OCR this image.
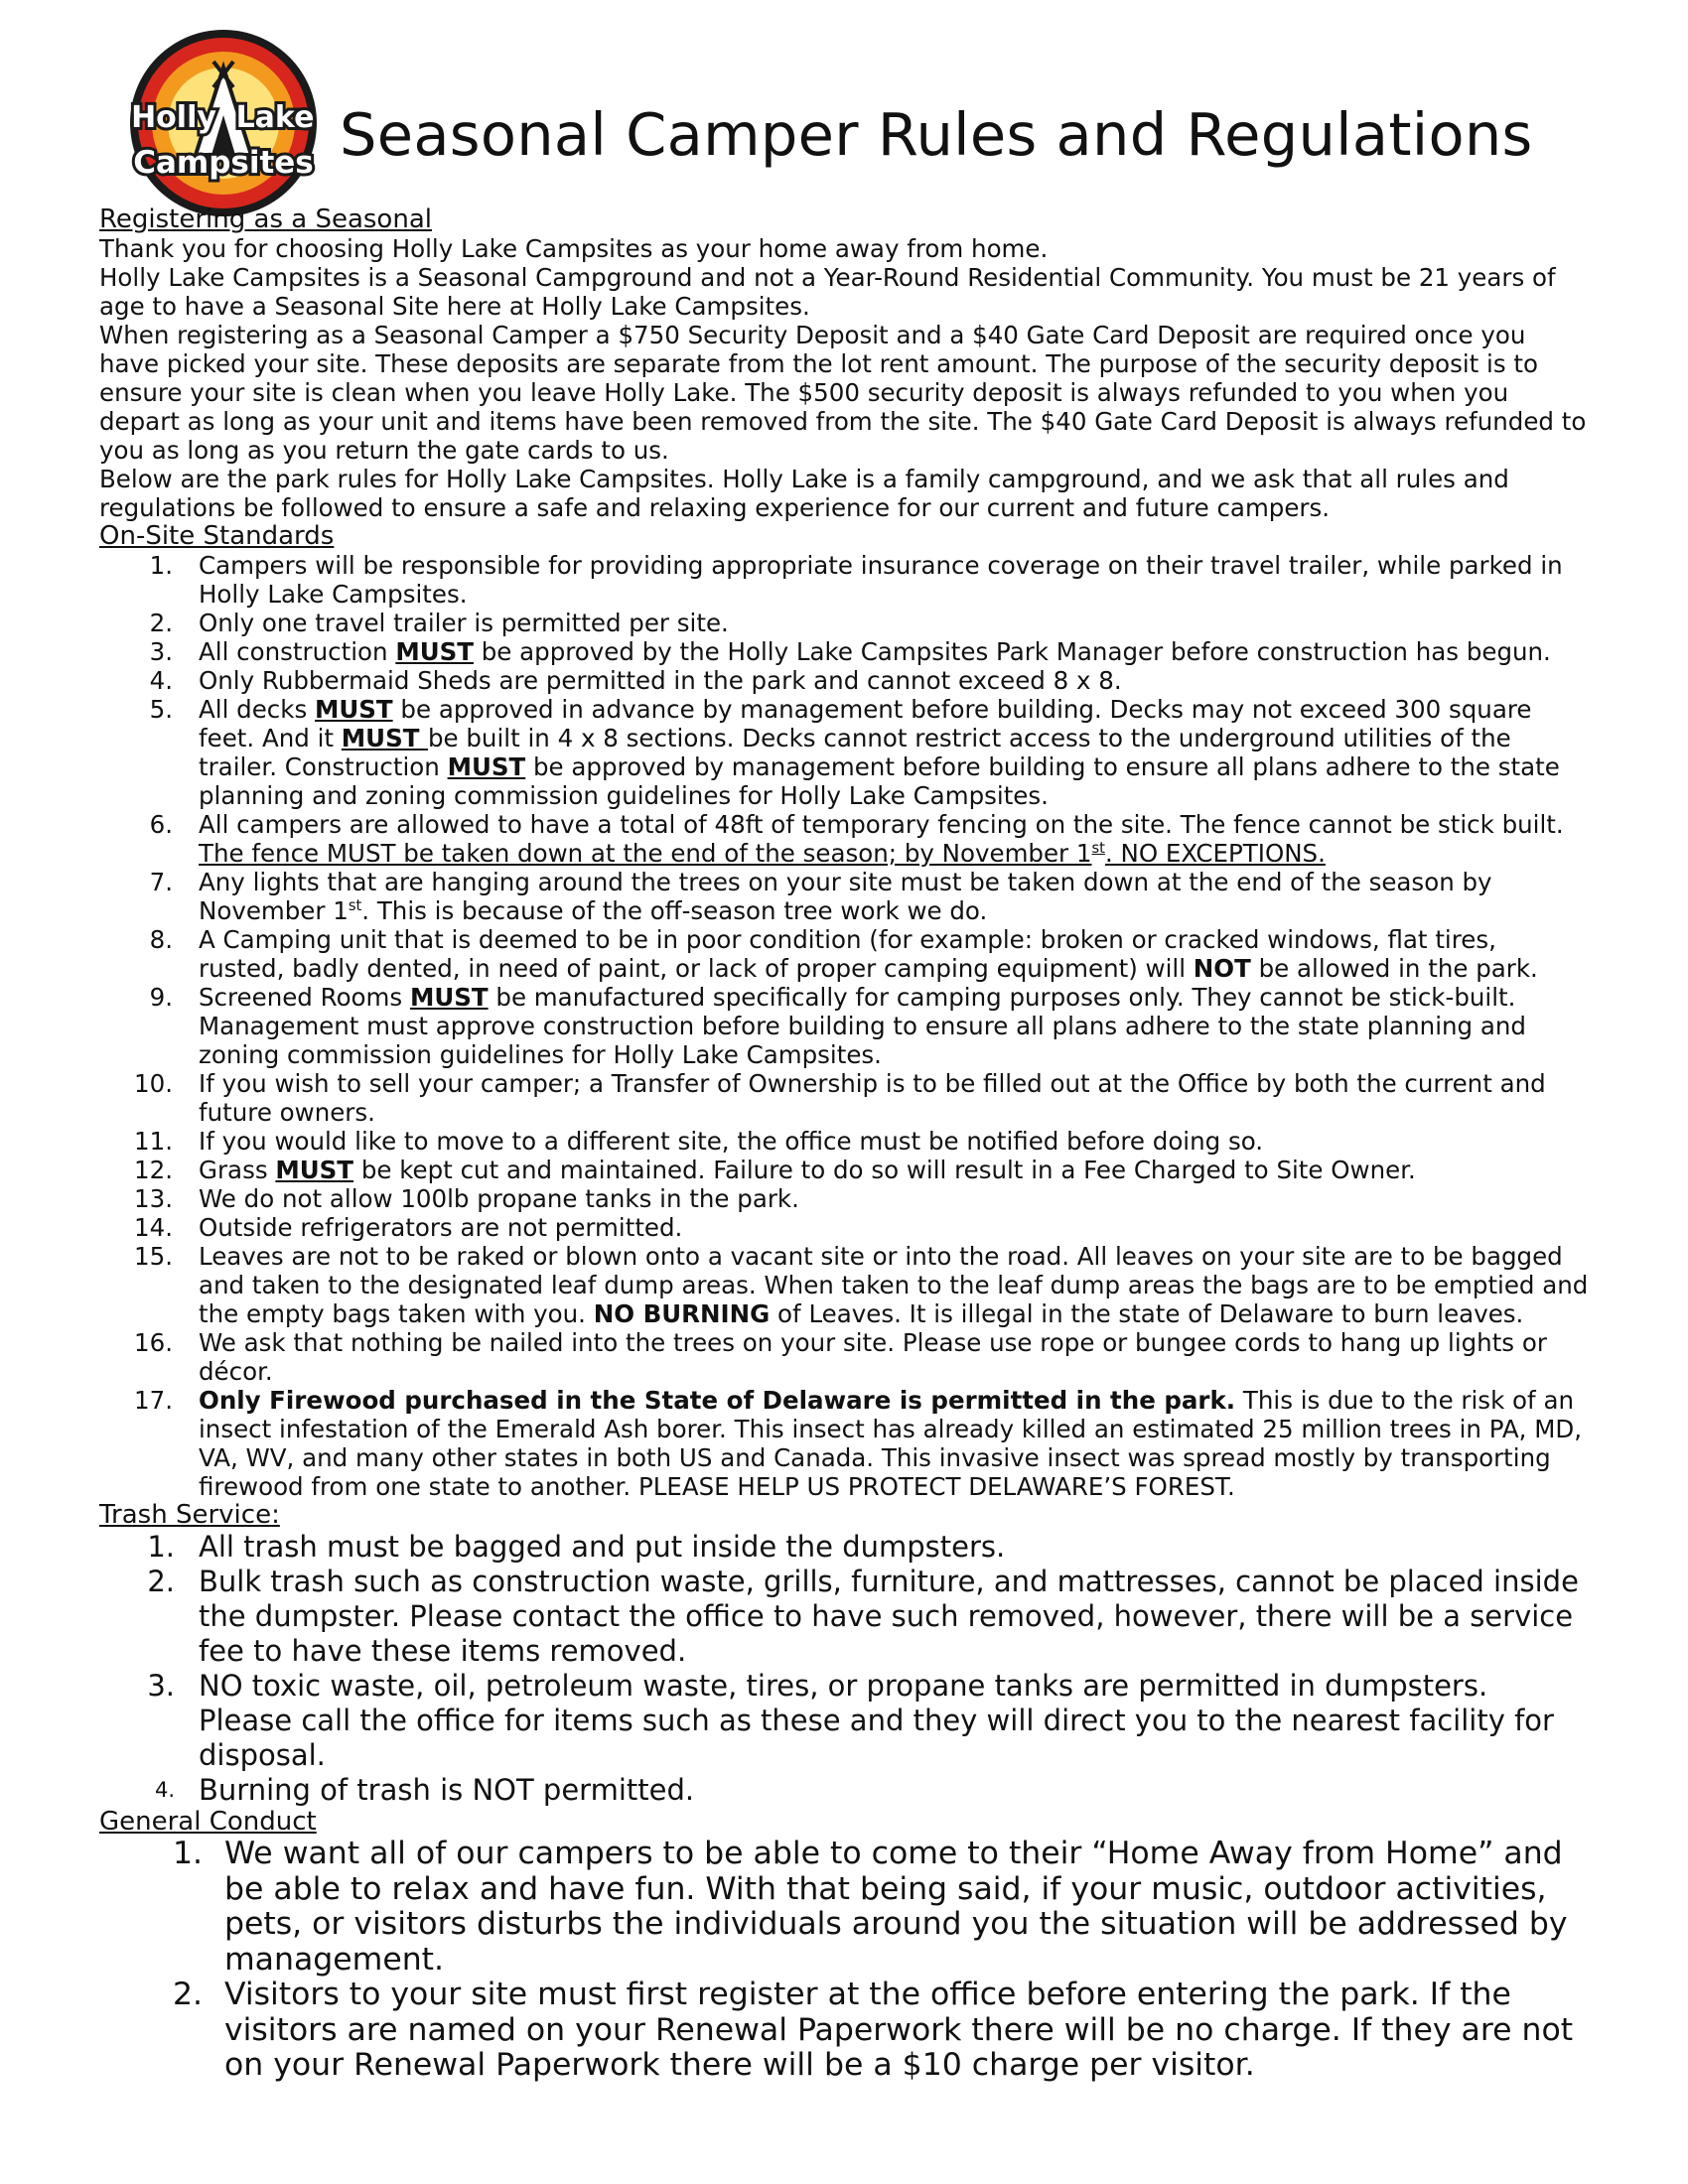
Holly Lake
Campsites Seasonal Camper Rules and Regulations

Registering as a Seasonal

Thank you for choosing Holly Lake Campsites as your home away from home.

Holly Lake Campsites is a Seasonal Campground and not a Year-Round Residential Community. You must be 21 years of age to have a Seasonal Site here at Holly Lake Campsites.

When registering as a Seasonal Camper a $750 Security Deposit and a $40 Gate Card Deposit are required once you have picked your site. These deposits are separate from the lot rent amount. The purpose of the security deposit is to ensure your site is clean when you leave Holly Lake. The $500 security deposit is always refunded to you when you depart as long as your unit and items have been removed from the site. The $40 Gate Card Deposit is always refunded to you as long as you return the gate cards to us.

Below are the park rules for Holly Lake Campsites. Holly Lake is a family campground, and we ask that all rules and regulations be followed to ensure a safe and relaxing experience for our current and future campers.

On-Site Standards

1. Campers will be responsible for providing appropriate insurance coverage on their travel trailer, while parked in Holly Lake Campsites.
2. Only one travel trailer is permitted per site.
3. All construction MUST be approved by the Holly Lake Campsites Park Manager before construction has begun.
4. Only Rubbermaid Sheds are permitted in the park and cannot exceed 8 x 8.
5. All decks MUST be approved in advance by management before building. Decks may not exceed 300 square feet. And it MUST be built in 4 x 8 sections. Decks cannot restrict access to the underground utilities of the trailer. Construction MUST be approved by management before building to ensure all plans adhere to the state planning and zoning commission guidelines for Holly Lake Campsites.
6. All campers are allowed to have a total of 48ft of temporary fencing on the site. The fence cannot be stick built. The fence MUST be taken down at the end of the season; by November 1st. NO EXCEPTIONS.
7. Any lights that are hanging around the trees on your site must be taken down at the end of the season by November 1st. This is because of the off-season tree work we do.
8. A Camping unit that is deemed to be in poor condition (for example: broken or cracked windows, flat tires, rusted, badly dented, in need of paint, or lack of proper camping equipment) will NOT be allowed in the park.
9. Screened Rooms MUST be manufactured specifically for camping purposes only. They cannot be stick-built. Management must approve construction before building to ensure all plans adhere to the state planning and zoning commission guidelines for Holly Lake Campsites.
10. If you wish to sell your camper; a Transfer of Ownership is to be filled out at the Office by both the current and future owners.
11. If you would like to move to a different site, the office must be notified before doing so.
12. Grass MUST be kept cut and maintained. Failure to do so will result in a Fee Charged to Site Owner.
13. We do not allow 100lb propane tanks in the park.
14. Outside refrigerators are not permitted.
15. Leaves are not to be raked or blown onto a vacant site or into the road. All leaves on your site are to be bagged and taken to the designated leaf dump areas. When taken to the leaf dump areas the bags are to be emptied and the empty bags taken with you. NO BURNING of Leaves. It is illegal in the state of Delaware to burn leaves.
16. We ask that nothing be nailed into the trees on your site. Please use rope or bungee cords to hang up lights or décor.
17. Only Firewood purchased in the State of Delaware is permitted in the park. This is due to the risk of an insect infestation of the Emerald Ash borer. This insect has already killed an estimated 25 million trees in PA, MD, VA, WV, and many other states in both US and Canada. This invasive insect was spread mostly by transporting firewood from one state to another. PLEASE HELP US PROTECT DELAWARE’S FOREST.

Trash Service:

1. All trash must be bagged and put inside the dumpsters.
2. Bulk trash such as construction waste, grills, furniture, and mattresses, cannot be placed inside the dumpster. Please contact the office to have such removed, however, there will be a service fee to have these items removed.
3. NO toxic waste, oil, petroleum waste, tires, or propane tanks are permitted in dumpsters. Please call the office for items such as these and they will direct you to the nearest facility for disposal.
4. Burning of trash is NOT permitted.

General Conduct

1. We want all of our campers to be able to come to their “Home Away from Home” and be able to relax and have fun. With that being said, if your music, outdoor activities, pets, or visitors disturbs the individuals around you the situation will be addressed by management.
2. Visitors to your site must first register at the office before entering the park. If the visitors are named on your Renewal Paperwork there will be no charge. If they are not on your Renewal Paperwork there will be a $10 charge per visitor.
